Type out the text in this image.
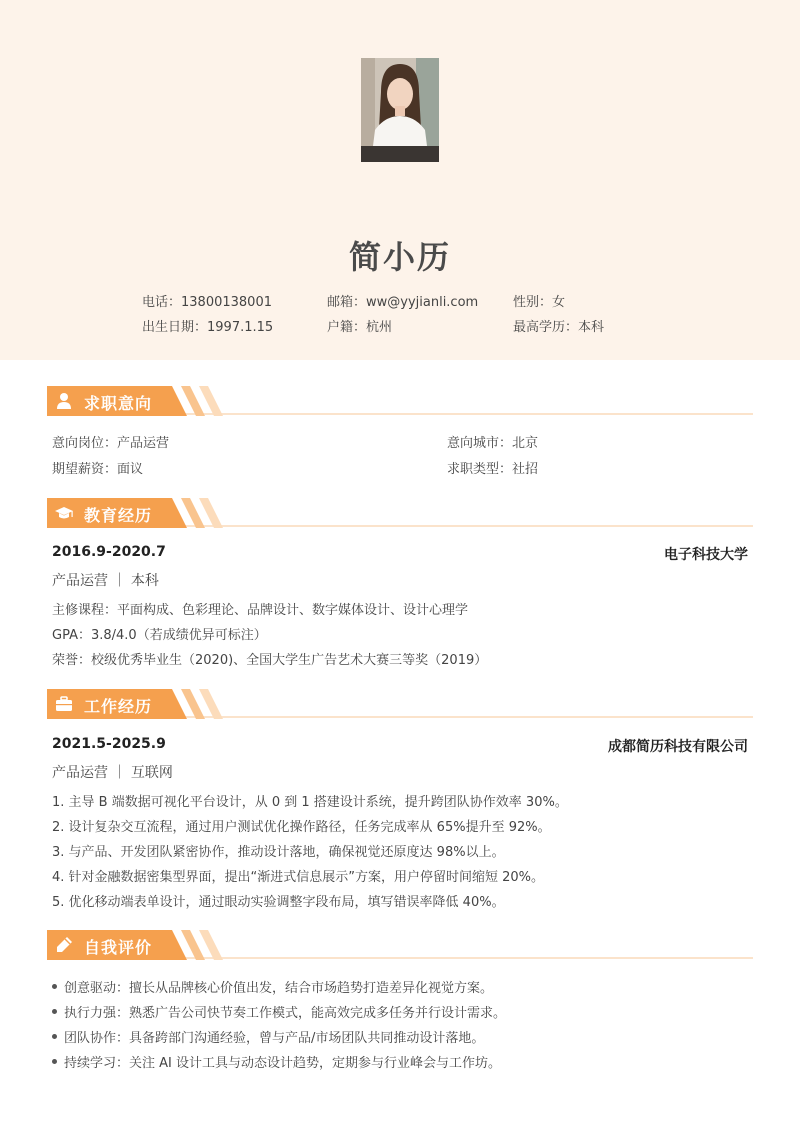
简小历
电话：13800138001	邮箱：ww@yyjianli.com	性别：女
出生日期：1997.1.15	户籍：杭州	最高学历：本科
求职意向
意向岗位：产品运营	意向城市：北京
期望薪资：面议	求职类型：社招
教育经历
2016.9-2020.7	电子科技大学
产品运营 ｜ 本科
主修课程：平面构成、色彩理论、品牌设计、数字媒体设计、设计心理学
GPA：3.8/4.0（若成绩优异可标注）
荣誉：校级优秀毕业生（2020)、全国大学生广告艺术大赛三等奖（2019）
工作经历
2021.5-2025.9	成都简历科技有限公司
产品运营 ｜ 互联网
1. 主导 B 端数据可视化平台设计，从 0 到 1 搭建设计系统，提升跨团队协作效率 30%。
2. 设计复杂交互流程，通过用户测试优化操作路径，任务完成率从 65%提升至 92%。
3. 与产品、开发团队紧密协作，推动设计落地，确保视觉还原度达 98%以上。
4. 针对金融数据密集型界面，提出“渐进式信息展示”方案，用户停留时间缩短 20%。
5. 优化移动端表单设计，通过眼动实验调整字段布局，填写错误率降低 40%。
自我评价
创意驱动：擅长从品牌核心价值出发，结合市场趋势打造差异化视觉方案。
执行力强：熟悉广告公司快节奏工作模式，能高效完成多任务并行设计需求。
团队协作：具备跨部门沟通经验，曾与产品/市场团队共同推动设计落地。
持续学习：关注 AI 设计工具与动态设计趋势，定期参与行业峰会与工作坊。
